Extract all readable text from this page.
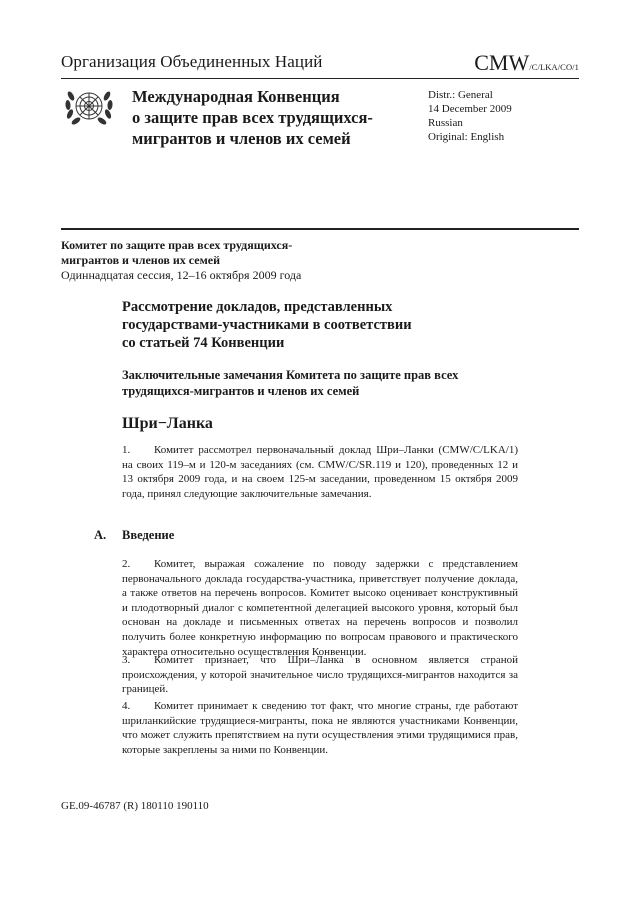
Организация Объединенных Наций	CMW/C/LKA/CO/1
Международная Конвенция
о защите прав всех трудящихся-
мигрантов и членов их семей
Distr.: General
14 December 2009
Russian
Original: English
Комитет по защите прав всех трудящихся-
мигрантов и членов их семей
Одиннадцатая сессия, 12–16 октября 2009 года
Рассмотрение докладов, представленных
государствами-участниками в соответствии
со статьей 74 Конвенции
Заключительные замечания Комитета по защите прав всех
трудящихся-мигрантов и членов их семей
Шри−Ланка
1. Комитет рассмотрел первоначальный доклад Шри–Ланки (CMW/C/LKA/1) на своих 119–м и 120-м заседаниях (см. CMW/C/SR.119 и 120), проведенных 12 и 13 октября 2009 года, и на своем 125-м заседании, проведенном 15 октября 2009 года, принял следующие заключительные замечания.
A. Введение
2. Комитет, выражая сожаление по поводу задержки с представлением первоначального доклада государства-участника, приветствует получение доклада, а также ответов на перечень вопросов. Комитет высоко оценивает конструктивный и плодотворный диалог с компетентной делегацией высокого уровня, который был основан на докладе и письменных ответах на перечень вопросов и позволил получить более конкретную информацию по вопросам правового и практического характера относительно осуществления Конвенции.
3. Комитет признает, что Шри–Ланка в основном является страной происхождения, у которой значительное число трудящихся-мигрантов находится за границей.
4. Комитет принимает к сведению тот факт, что многие страны, где работают шриланкийские трудящиеся-мигранты, пока не являются участниками Конвенции, что может служить препятствием на пути осуществления этими трудящимися прав, которые закреплены за ними по Конвенции.
GE.09-46787 (R) 180110 190110
